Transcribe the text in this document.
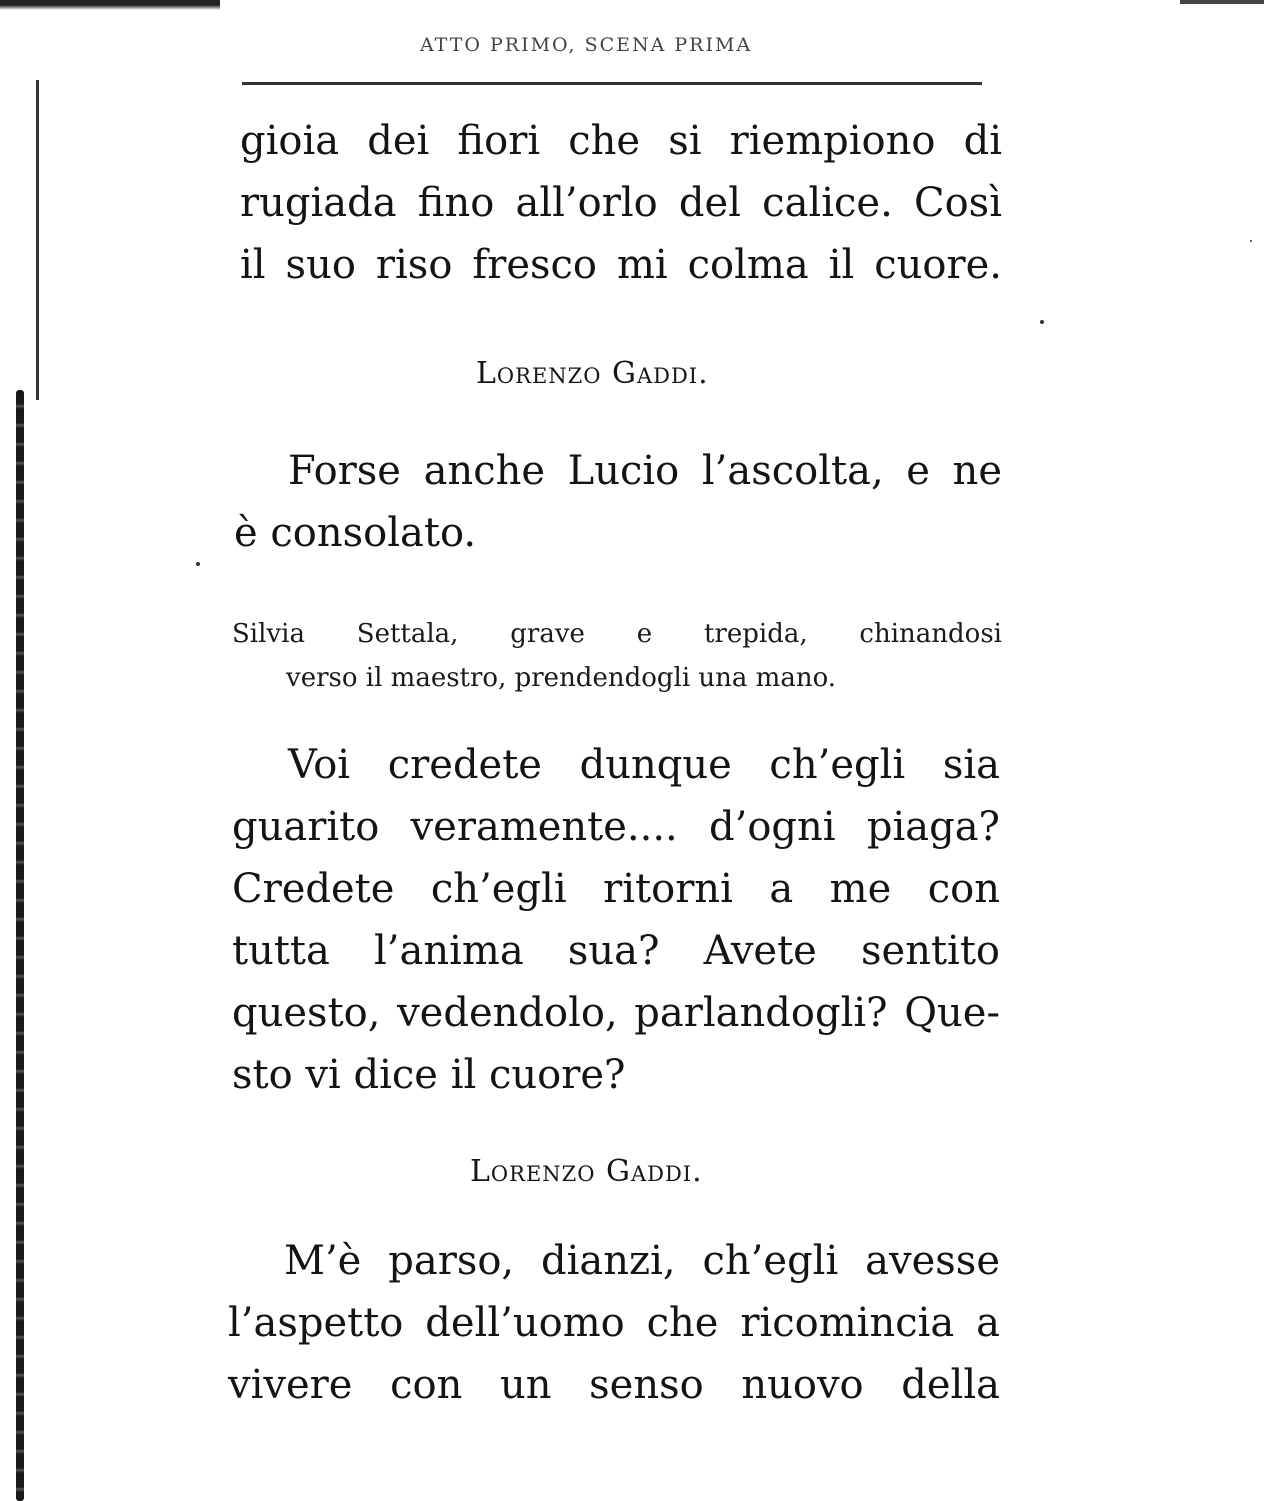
ATTO PRIMO, SCENA PRIMA
gioia dei fiori che si riempiono di
rugiada fino all’orlo del calice. Così
il suo riso fresco mi colma il cuore.
Lorenzo Gaddi.
Forse anche Lucio l’ascolta, e ne
è consolato.
Silvia Settala, grave e trepida, chinandosi
verso il maestro, prendendogli una mano.
Voi credete dunque ch’egli sia
guarito veramente.... d’ogni piaga?
Credete ch’egli ritorni a me con
tutta l’anima sua? Avete sentito
questo, vedendolo, parlandogli? Que-
sto vi dice il cuore?
Lorenzo Gaddi.
M’è parso, dianzi, ch’egli avesse
l’aspetto dell’uomo che ricomincia a
vivere con un senso nuovo della
